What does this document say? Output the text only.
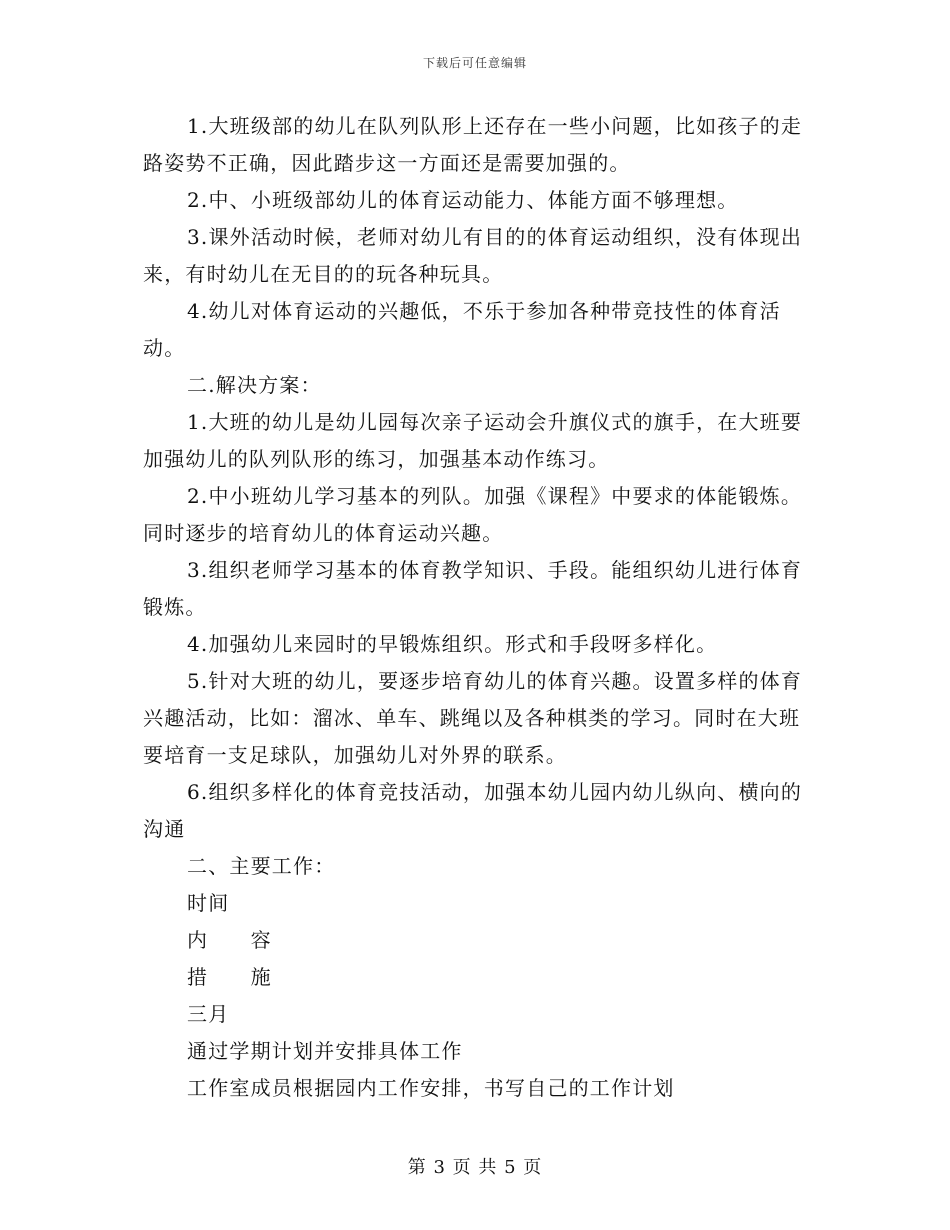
下载后可任意编辑

1.大班级部的幼儿在队列队形上还存在一些小问题，比如孩子的走路姿势不正确，因此踏步这一方面还是需要加强的。

2.中、小班级部幼儿的体育运动能力、体能方面不够理想。

3.课外活动时候，老师对幼儿有目的的体育运动组织，没有体现出来，有时幼儿在无目的的玩各种玩具。

4.幼儿对体育运动的兴趣低，不乐于参加各种带竞技性的体育活动。

二.解决方案：

1.大班的幼儿是幼儿园每次亲子运动会升旗仪式的旗手，在大班要加强幼儿的队列队形的练习，加强基本动作练习。

2.中小班幼儿学习基本的列队。加强《课程》中要求的体能锻炼。同时逐步的培育幼儿的体育运动兴趣。

3.组织老师学习基本的体育教学知识、手段。能组织幼儿进行体育锻炼。

4.加强幼儿来园时的早锻炼组织。形式和手段呀多样化。

5.针对大班的幼儿，要逐步培育幼儿的体育兴趣。设置多样的体育兴趣活动，比如：溜冰、单车、跳绳以及各种棋类的学习。同时在大班要培育一支足球队，加强幼儿对外界的联系。

6.组织多样化的体育竞技活动，加强本幼儿园内幼儿纵向、横向的沟通

二、主要工作：

时间

内　　容

措　　施

三月

通过学期计划并安排具体工作

工作室成员根据园内工作安排，书写自己的工作计划

第 3 页 共 5 页
